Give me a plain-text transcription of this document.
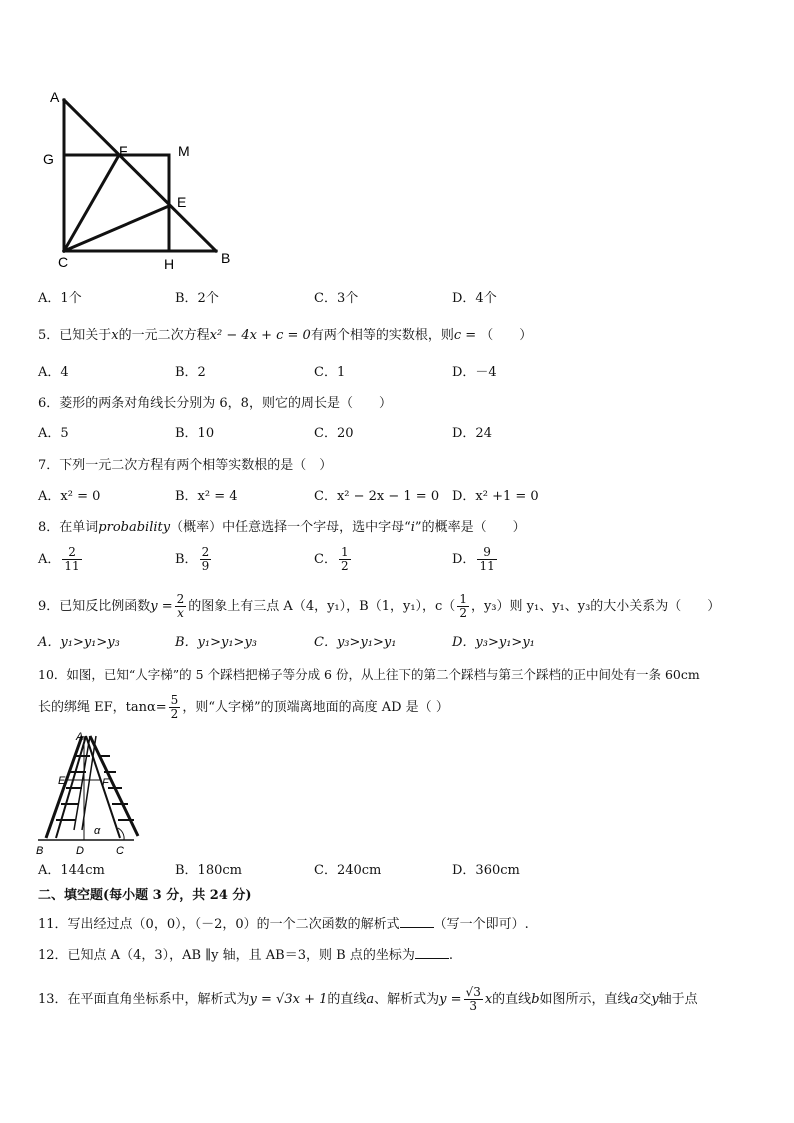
A
G	F	M
E
C	H	B
A．1个	B．2个	C．3个	D．4个
5．已知关于x的一元二次方程x² − 4x + c = 0有两个相等的实数根，则c = （　　）
A．4	B．2	C．1	D．－4
6．菱形的两条对角线长分别为 6，8，则它的周长是（　　）
A．5	B．10	C．20	D．24
7．下列一元二次方程有两个相等实数根的是（　）
A．x² = 0	B．x² = 4	C．x² − 2x − 1 = 0 D．x² +1 = 0
8．在单词probability（概率）中任意选择一个字母，选中字母“i”的概率是（　　）
A． $\frac{2}{11}$	B． $\frac{2}{9}$	C． $\frac{1}{2}$	D． $\frac{9}{11}$
9．已知反比例函数$y = \frac{2}{x}$ 的图象上有三点 A（4，y₁），B（1，y₁），$c( \frac{1}{2}$ ，y₃）则 y₁、y₁、y₃的大小关系为（　　）
A．y₁>y₁>y₃	B．y₁>y₁>y₃	C．y₃>y₁>y₁	D．y₃>y₁>y₁
10．如图，已知“人字梯”的 5 个踩档把梯子等分成 6 份，从上往下的第二个踩档与第三个踩档的正中间处有一条 60cm
长的绑绳 EF，$\tan\alpha= \frac{5}{2}$ ，则“人字梯”的顶端离地面的高度 AD 是（ ）
A
E	F
B	D	C
α
A．144cm	B．180cm	C．240cm	D．360cm
二、填空题(每小题 3 分，共 24 分)
11．写出经过点（0，0），（－2，0）的一个二次函数的解析式	（写一个即可）.
12．已知点 A（4，3），AB ∥y 轴，且 AB＝3，则 B 点的坐标为	.
13．在平面直角坐标系中，解析式为y = √3x + 1的直线a、解析式为$y = \frac{√3}{3}$ x的直线b如图所示，直线a交y轴于点
